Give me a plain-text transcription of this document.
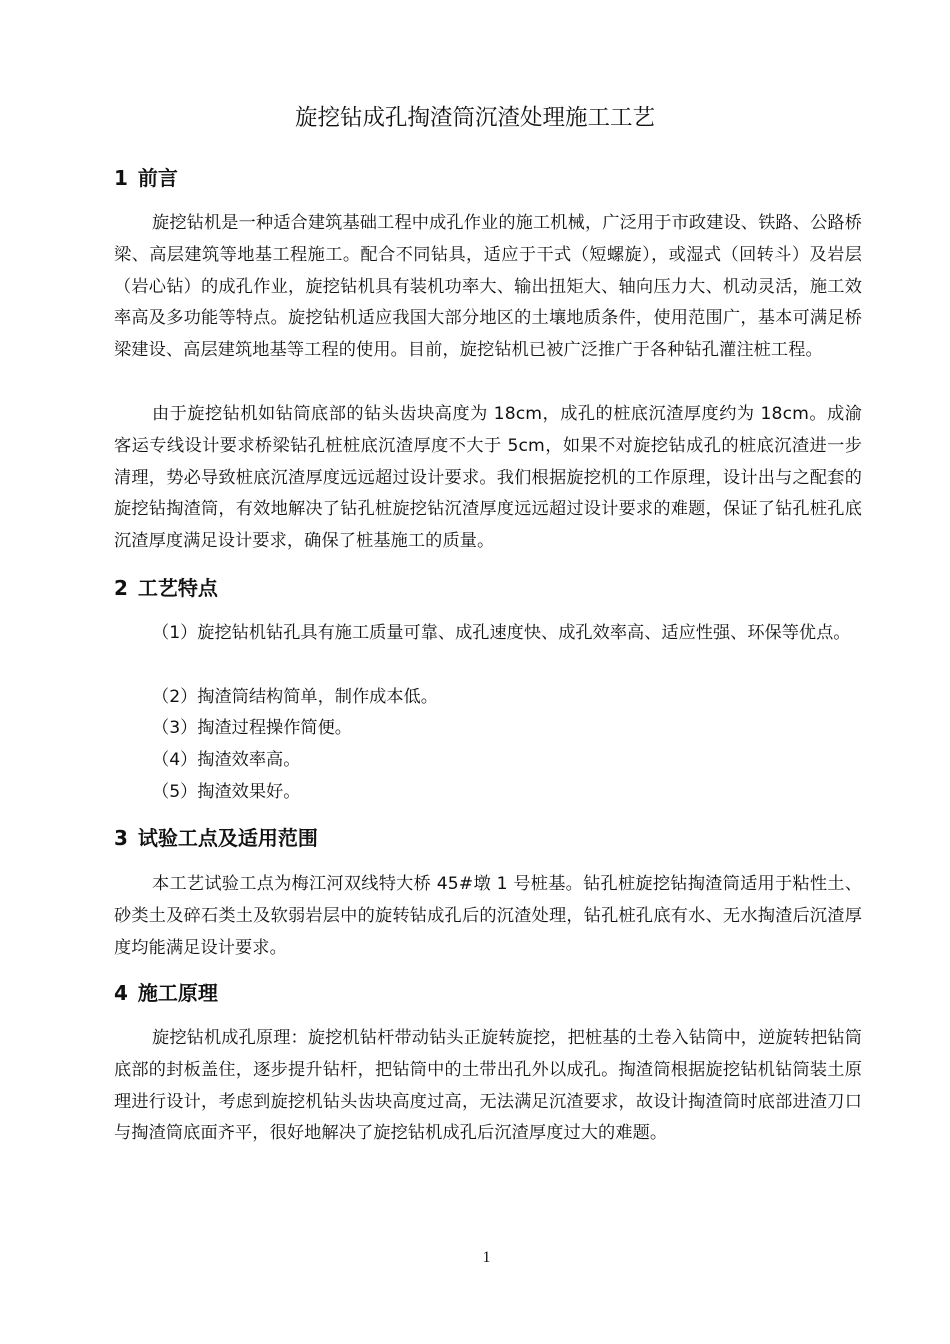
旋挖钻成孔掏渣筒沉渣处理施工工艺
1 前言

旋挖钻机是一种适合建筑基础工程中成孔作业的施工机械，广泛用于市政建设、铁路、公路桥梁、高层建筑等地基工程施工。配合不同钻具，适应于干式（短螺旋），或湿式（回转斗）及岩层（岩心钻）的成孔作业，旋挖钻机具有装机功率大、输出扭矩大、轴向压力大、机动灵活，施工效率高及多功能等特点。旋挖钻机适应我国大部分地区的土壤地质条件，使用范围广，基本可满足桥梁建设、高层建筑地基等工程的使用。目前，旋挖钻机已被广泛推广于各种钻孔灌注桩工程。

由于旋挖钻机如钻筒底部的钻头齿块高度为 18cm，成孔的桩底沉渣厚度约为 18cm。成渝客运专线设计要求桥梁钻孔桩桩底沉渣厚度不大于 5cm，如果不对旋挖钻成孔的桩底沉渣进一步清理，势必导致桩底沉渣厚度远远超过设计要求。我们根据旋挖机的工作原理，设计出与之配套的旋挖钻掏渣筒，有效地解决了钻孔桩旋挖钻沉渣厚度远远超过设计要求的难题，保证了钻孔桩孔底沉渣厚度满足设计要求，确保了桩基施工的质量。

2 工艺特点

（1）旋挖钻机钻孔具有施工质量可靠、成孔速度快、成孔效率高、适应性强、环保等优点。

（2）掏渣筒结构简单，制作成本低。

（3）掏渣过程操作简便。

（4）掏渣效率高。

（5）掏渣效果好。

3 试验工点及适用范围

本工艺试验工点为梅江河双线特大桥 45#墩 1 号桩基。钻孔桩旋挖钻掏渣筒适用于粘性土、砂类土及碎石类土及软弱岩层中的旋转钻成孔后的沉渣处理，钻孔桩孔底有水、无水掏渣后沉渣厚度均能满足设计要求。

4 施工原理

旋挖钻机成孔原理：旋挖机钻杆带动钻头正旋转旋挖，把桩基的土卷入钻筒中，逆旋转把钻筒底部的封板盖住，逐步提升钻杆，把钻筒中的土带出孔外以成孔。掏渣筒根据旋挖钻机钻筒装土原理进行设计，考虑到旋挖机钻头齿块高度过高，无法满足沉渣要求，故设计掏渣筒时底部进渣刀口与掏渣筒底面齐平，很好地解决了旋挖钻机成孔后沉渣厚度过大的难题。

1
